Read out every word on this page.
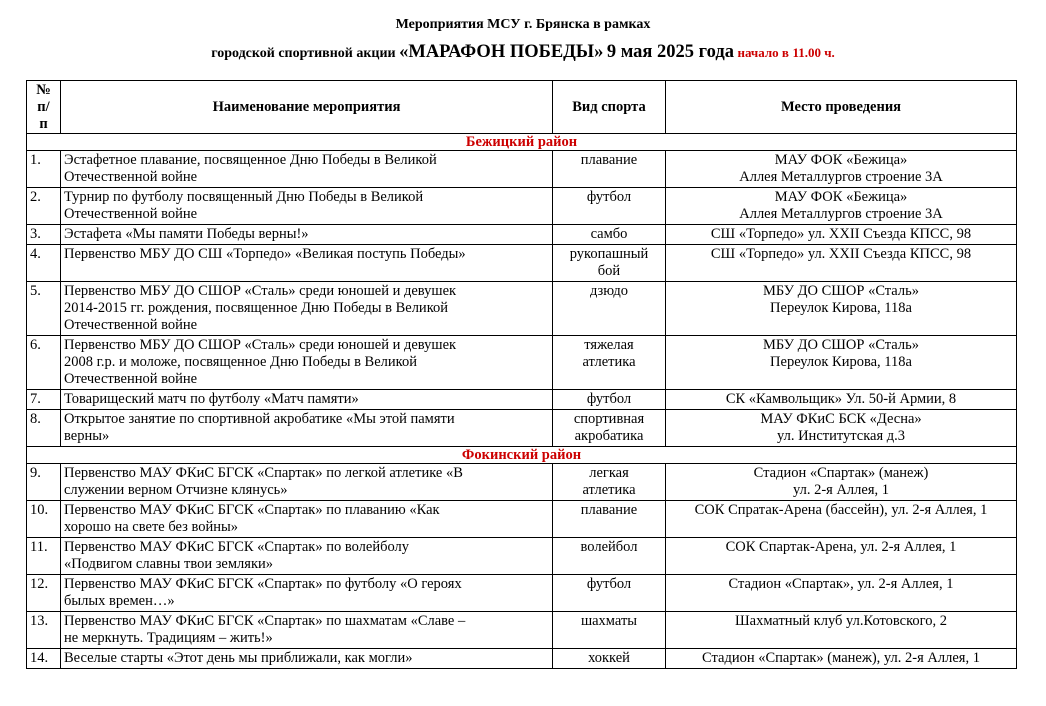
Мероприятия МСУ г. Брянска в рамках
городской спортивной акции «МАРАФОН ПОБЕДЫ» 9 мая 2025 года начало в 11.00 ч.
№
п/
п	Наименование мероприятия	Вид спорта	Место проведения
Бежицкий район			
1.	Эстафетное плавание, посвященное Дню Победы в Великой
Отечественной войне	плавание	МАУ ФОК «Бежица»
Аллея Металлургов строение 3А

2.	Турнир по футболу посвященный Дню Победы в Великой
Отечественной войне	футбол	МАУ ФОК «Бежица»
Аллея Металлургов строение 3А

3.	Эстафета «Мы памяти Победы верны!»	самбо	СШ «Торпедо» ул. XXII Съезда КПСС, 98

4.	Первенство МБУ ДО СШ «Торпедо» «Великая поступь Победы»	рукопашный
бой	СШ «Торпедо» ул. XXII Съезда КПСС, 98

5.	Первенство МБУ ДО СШОР «Сталь» среди юношей и девушек
2014-2015 гг. рождения, посвященное Дню Победы в Великой
Отечественной войне	дзюдо	МБУ ДО СШОР «Сталь»
Переулок Кирова, 118а

6.	Первенство МБУ ДО СШОР «Сталь» среди юношей и девушек
2008 г.р. и моложе, посвященное Дню Победы в Великой
Отечественной войне	тяжелая
атлетика	МБУ ДО СШОР «Сталь»
Переулок Кирова, 118а

7.	Товарищеский матч по футболу «Матч памяти»	футбол	СК «Камвольщик» Ул. 50-й Армии, 8

8.	Открытое занятие по спортивной акробатике «Мы этой памяти
верны»	спортивная
акробатика	МАУ ФКиС БСК «Десна»
ул. Институтская д.3

Фокинский район			
9.	Первенство МАУ ФКиС БГСК «Спартак» по легкой атлетике «В
служении верном Отчизне клянусь»	легкая
атлетика	Стадион «Спартак» (манеж)
ул. 2-я Аллея, 1

10.	Первенство МАУ ФКиС БГСК «Спартак» по плаванию «Как
хорошо на свете без войны»	плавание	СОК Спратак-Арена (бассейн), ул. 2-я Аллея, 1

11.	Первенство МАУ ФКиС БГСК «Спартак» по волейболу
«Подвигом славны твои земляки»	волейбол	СОК Спартак-Арена, ул. 2-я Аллея, 1

12.	Первенство МАУ ФКиС БГСК «Спартак» по футболу «О героях
былых времен…»	футбол	Стадион «Спартак», ул. 2-я Аллея, 1

13.	Первенство МАУ ФКиС БГСК «Спартак» по шахматам «Славе –
не меркнуть. Традициям – жить!»	шахматы	Шахматный клуб ул.Котовского, 2

14.	Веселые старты «Этот день мы приближали, как могли»	хоккей	Стадион «Спартак» (манеж), ул. 2-я Аллея, 1
